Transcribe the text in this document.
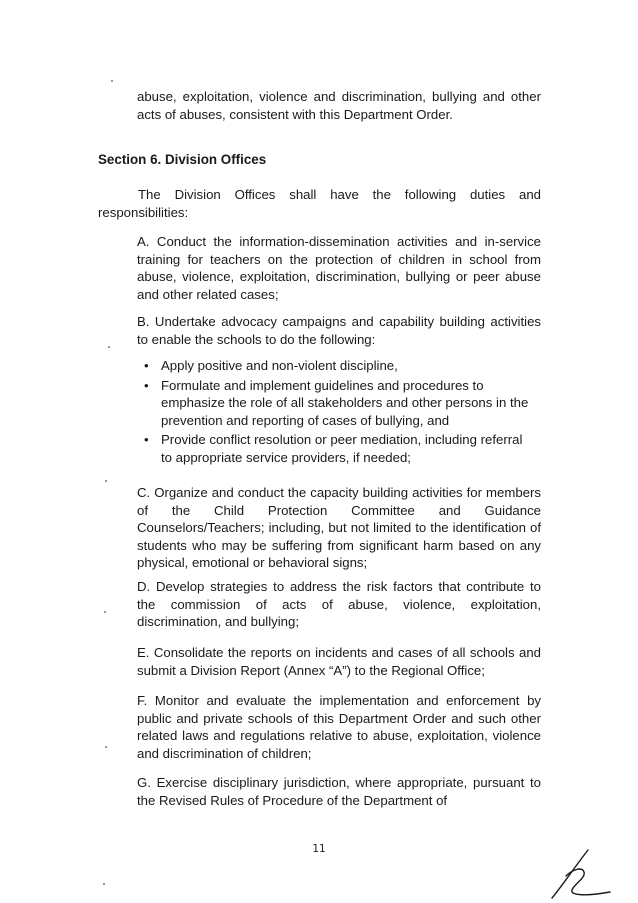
abuse, exploitation, violence and discrimination, bullying and other acts of abuses, consistent with this Department Order.

Section 6. Division Offices

The Division Offices shall have the following duties and responsibilities:

A. Conduct the information-dissemination activities and in-service training for teachers on the protection of children in school from abuse, violence, exploitation, discrimination, bullying or peer abuse and other related cases;

B. Undertake advocacy campaigns and capability building activities to enable the schools to do the following:

• Apply positive and non-violent discipline,
• Formulate and implement guidelines and procedures to emphasize the role of all stakeholders and other persons in the prevention and reporting of cases of bullying, and
• Provide conflict resolution or peer mediation, including referral to appropriate service providers, if needed;

C. Organize and conduct the capacity building activities for members of the Child Protection Committee and Guidance Counselors/Teachers; including, but not limited to the identification of students who may be suffering from significant harm based on any physical, emotional or behavioral signs;

D. Develop strategies to address the risk factors that contribute to the commission of acts of abuse, violence, exploitation, discrimination, and bullying;

E. Consolidate the reports on incidents and cases of all schools and submit a Division Report (Annex “A”) to the Regional Office;

F. Monitor and evaluate the implementation and enforcement by public and private schools of this Department Order and such other related laws and regulations relative to abuse, exploitation, violence and discrimination of children;

G. Exercise disciplinary jurisdiction, where appropriate, pursuant to the Revised Rules of Procedure of the Department of

11
